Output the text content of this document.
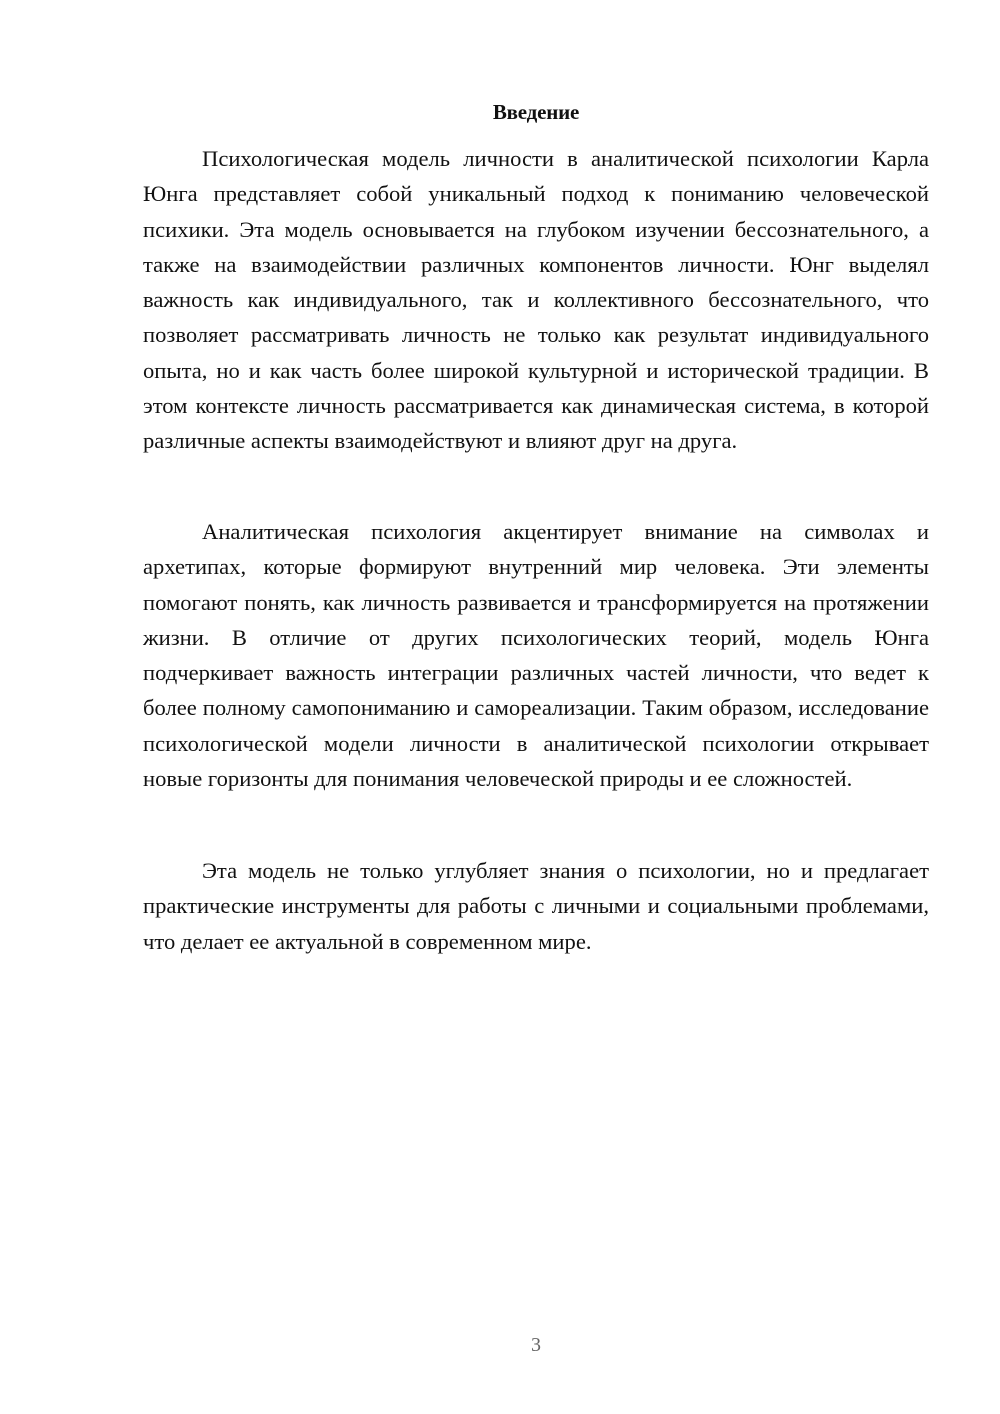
Введение

Психологическая модель личности в аналитической психологии Карла Юнга представляет собой уникальный подход к пониманию человеческой психики. Эта модель основывается на глубоком изучении бессознательного, а также на взаимодействии различных компонентов личности. Юнг выделял важность как индивидуального, так и коллективного бессознательного, что позволяет рассматривать личность не только как результат индивидуального опыта, но и как часть более широкой культурной и исторической традиции. В этом контексте личность рассматривается как динамическая система, в которой различные аспекты взаимодействуют и влияют друг на друга.

Аналитическая психология акцентирует внимание на символах и архетипах, которые формируют внутренний мир человека. Эти элементы помогают понять, как личность развивается и трансформируется на протяжении жизни. В отличие от других психологических теорий, модель Юнга подчеркивает важность интеграции различных частей личности, что ведет к более полному самопониманию и самореализации. Таким образом, исследование психологической модели личности в аналитической психологии открывает новые горизонты для понимания человеческой природы и ее сложностей.

Эта модель не только углубляет знания о психологии, но и предлагает практические инструменты для работы с личными и социальными проблемами, что делает ее актуальной в современном мире.

3
